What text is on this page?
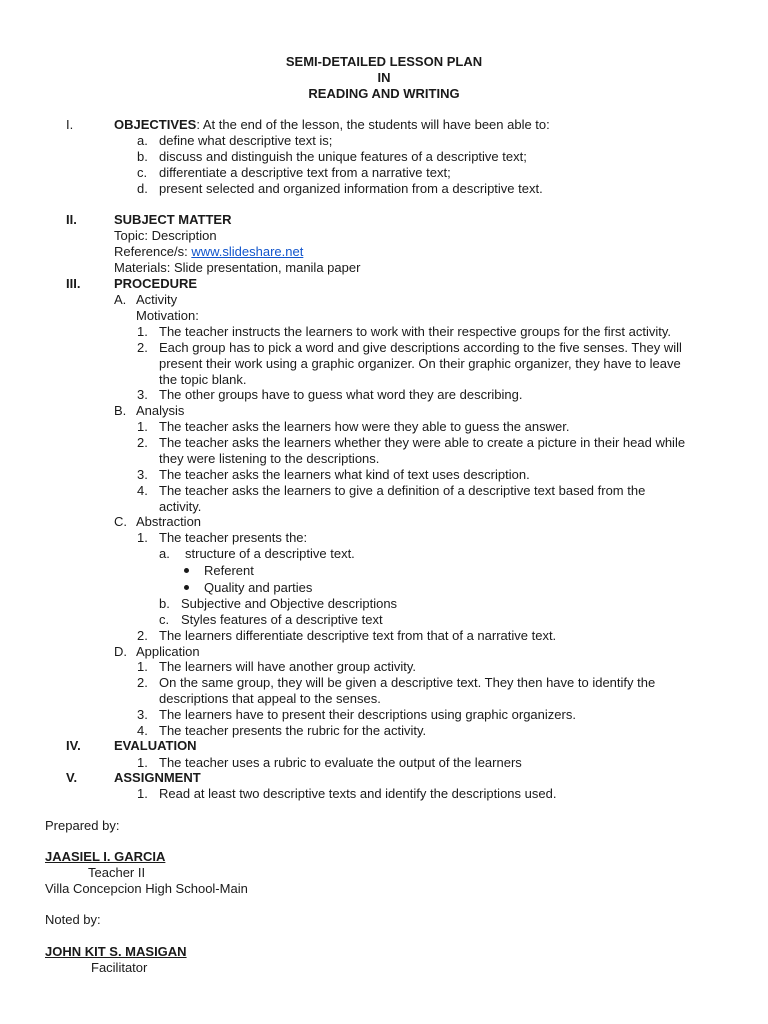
SEMI-DETAILED LESSON PLAN
IN
READING AND WRITING
I.	OBJECTIVES: At the end of the lesson, the students will have been able to:
a. define what descriptive text is;
b. discuss and distinguish the unique features of a descriptive text;
c. differentiate a descriptive text from a narrative text;
d. present selected and organized information from a descriptive text.
II.	SUBJECT MATTER
Topic: Description
Reference/s: www.slideshare.net
Materials: Slide presentation, manila paper
III.	PROCEDURE
A. Activity
Motivation:
1. The teacher instructs the learners to work with their respective groups for the first activity.
2. Each group has to pick a word and give descriptions according to the five senses. They will
present their work using a graphic organizer. On their graphic organizer, they have to leave
the topic blank.
3. The other groups have to guess what word they are describing.
B. Analysis
1. The teacher asks the learners how were they able to guess the answer.
2. The teacher asks the learners whether they were able to create a picture in their head while
they were listening to the descriptions.
3. The teacher asks the learners what kind of text uses description.
4. The teacher asks the learners to give a definition of a descriptive text based from the
activity.
C. Abstraction
1. The teacher presents the:
a. structure of a descriptive text.
Referent
Quality and parties
b. Subjective and Objective descriptions
c. Styles features of a descriptive text
2. The learners differentiate descriptive text from that of a narrative text.
D. Application
1. The learners will have another group activity.
2. On the same group, they will be given a descriptive text. They then have to identify the
descriptions that appeal to the senses.
3. The learners have to present their descriptions using graphic organizers.
4. The teacher presents the rubric for the activity.
IV.	EVALUATION
1. The teacher uses a rubric to evaluate the output of the learners
V.	ASSIGNMENT
1. Read at least two descriptive texts and identify the descriptions used.
Prepared by:
JAASIEL I. GARCIA
Teacher II
Villa Concepcion High School-Main
Noted by:
JOHN KIT S. MASIGAN
Facilitator
